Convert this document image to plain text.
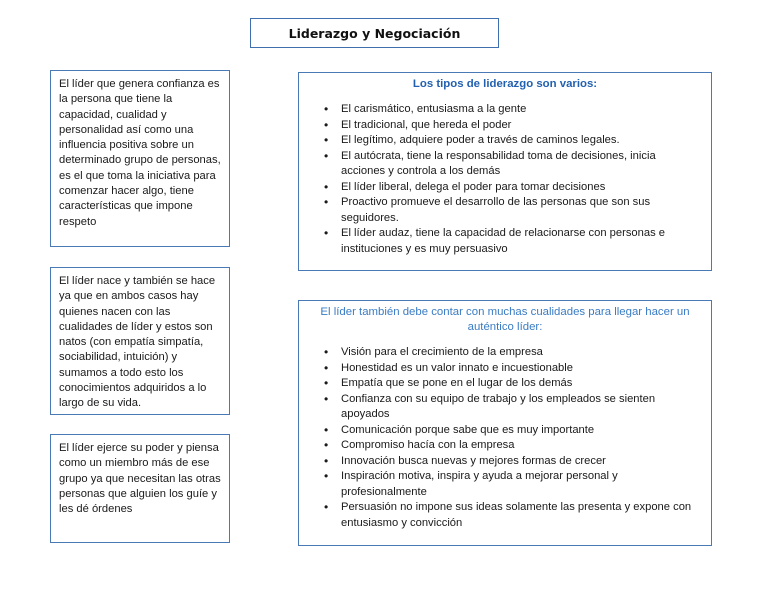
Liderazgo y Negociación
El líder que genera confianza es la persona que tiene la capacidad, cualidad y personalidad así como una influencia positiva sobre un determinado grupo de personas, es el que toma la iniciativa para comenzar hacer algo, tiene características que impone respeto
El líder nace y también se hace ya que en ambos casos hay quienes nacen con las cualidades de líder y estos son natos (con empatía simpatía, sociabilidad, intuición) y sumamos a todo esto los conocimientos adquiridos a lo largo de su vida.
El líder ejerce su poder y piensa como un miembro más de ese grupo ya que necesitan las otras personas que alguien los guíe y les dé órdenes
Los tipos de liderazgo son varios:
• El carismático, entusiasma a la gente
• El tradicional, que hereda el poder
• El legítimo, adquiere poder a través de caminos legales.
• El autócrata, tiene la responsabilidad toma de decisiones, inicia acciones y controla a los demás
• El líder liberal, delega el poder para tomar decisiones
• Proactivo promueve el desarrollo de las personas que son sus seguidores.
• El líder audaz, tiene la capacidad de relacionarse con personas e instituciones y es muy persuasivo
El líder también debe contar con muchas cualidades para llegar hacer un auténtico líder:
• Visión para el crecimiento de la empresa
• Honestidad es un valor innato e incuestionable
• Empatía que se pone en el lugar de los demás
• Confianza con su equipo de trabajo y los empleados se sienten apoyados
• Comunicación porque sabe que es muy importante
• Compromiso hacía con la empresa
• Innovación busca nuevas y mejores formas de crecer
• Inspiración motiva, inspira y ayuda a mejorar personal y profesionalmente
• Persuasión no impone sus ideas solamente las presenta y expone con entusiasmo y convicción
